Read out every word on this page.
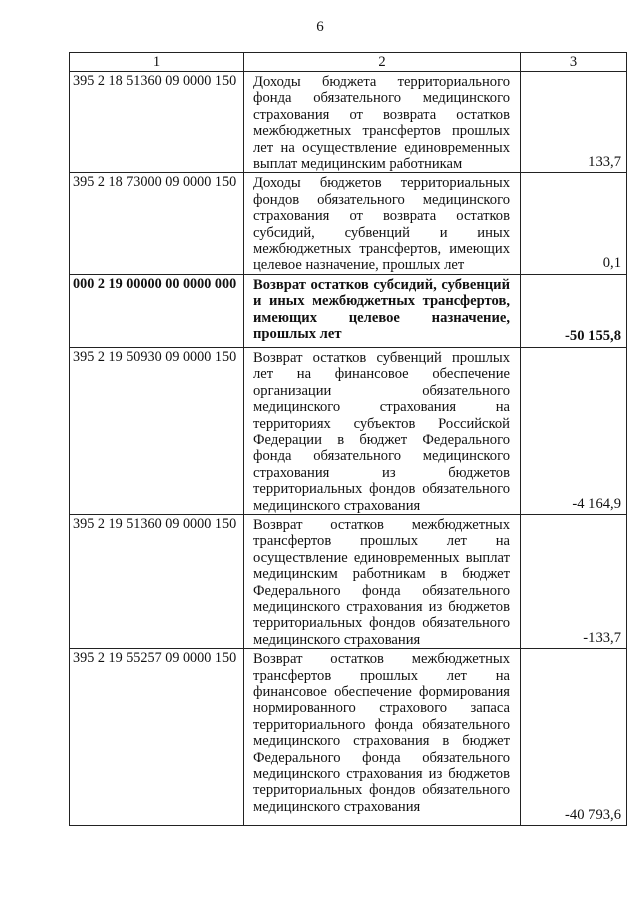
6
1	2	3
395 2 18 51360 09 0000 150	Доходы бюджета территориального фонда обязательного медицинского страхования от возврата остатков межбюджетных трансфертов прошлых лет на осуществление единовременных выплат медицинским работникам	133,7
395 2 18 73000 09 0000 150	Доходы бюджетов территориальных фондов обязательного медицинского страхования от возврата остатков субсидий, субвенций и иных межбюджетных трансфертов, имеющих целевое назначение, прошлых лет	0,1
000 2 19 00000 00 0000 000	Возврат остатков субсидий, субвенций и иных межбюджетных трансфертов, имеющих целевое назначение, прошлых лет	-50 155,8
395 2 19 50930 09 0000 150	Возврат остатков субвенций прошлых лет на финансовое обеспечение организации обязательного медицинского страхования на территориях субъектов Российской Федерации в бюджет Федерального фонда обязательного медицинского страхования из бюджетов территориальных фондов обязательного медицинского страхования	-4 164,9
395 2 19 51360 09 0000 150	Возврат остатков межбюджетных трансфертов прошлых лет на осуществление единовременных выплат медицинским работникам в бюджет Федерального фонда обязательного медицинского страхования из бюджетов территориальных фондов обязательного медицинского страхования	-133,7
395 2 19 55257 09 0000 150	Возврат остатков межбюджетных трансфертов прошлых лет на финансовое обеспечение формирования нормированного страхового запаса территориального фонда обязательного медицинского страхования в бюджет Федерального фонда обязательного медицинского страхования из бюджетов территориальных фондов обязательного медицинского страхования	-40 793,6
